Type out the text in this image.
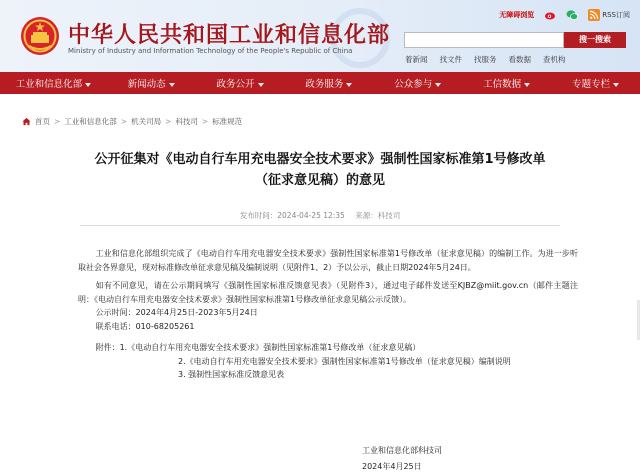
中华人民共和国工业和信息化部
Ministry of Industry and Information Technology of the People's Republic of China
无障碍浏览	RSS订阅
搜一搜索
着新闻 找文件 找服务 看数据 查机构
工业和信息化部	新闻动态	政务公开	政务服务	公众参与	工信数据	专题专栏
首页 > 工业和信息化部 > 机关司局 > 科技司 > 标准规范
公开征集对《电动自行车用充电器安全技术要求》强制性国家标准第1号修改单
（征求意见稿）的意见
发布时间：2024-04-25 12:35 来源：科技司

工业和信息化部组织完成了《电动自行车用充电器安全技术要求》强制性国家标准第1号修改单（征求意见稿）的编制工作。为进一步听取社会各界意见，现对标准修改单征求意见稿及编制说明（见附件1、2）予以公示，截止日期2024年5月24日。

如有不同意见，请在公示期间填写《强制性国家标准反馈意见表》（见附件3），通过电子邮件发送至KJBZ@miit.gov.cn（邮件主题注明：《电动自行车用充电器安全技术要求》强制性国家标准第1号修改单征求意见稿公示反馈）。

公示时间：2024年4月25日-2023年5月24日
联系电话：010-68205261
附件：1.《电动自行车用充电器安全技术要求》强制性国家标准第1号修改单（征求意见稿）
2.《电动自行车用充电器安全技术要求》强制性国家标准第1号修改单（征求意见稿）编制说明
3. 强制性国家标准反馈意见表
工业和信息化部科技司
2024年4月25日
